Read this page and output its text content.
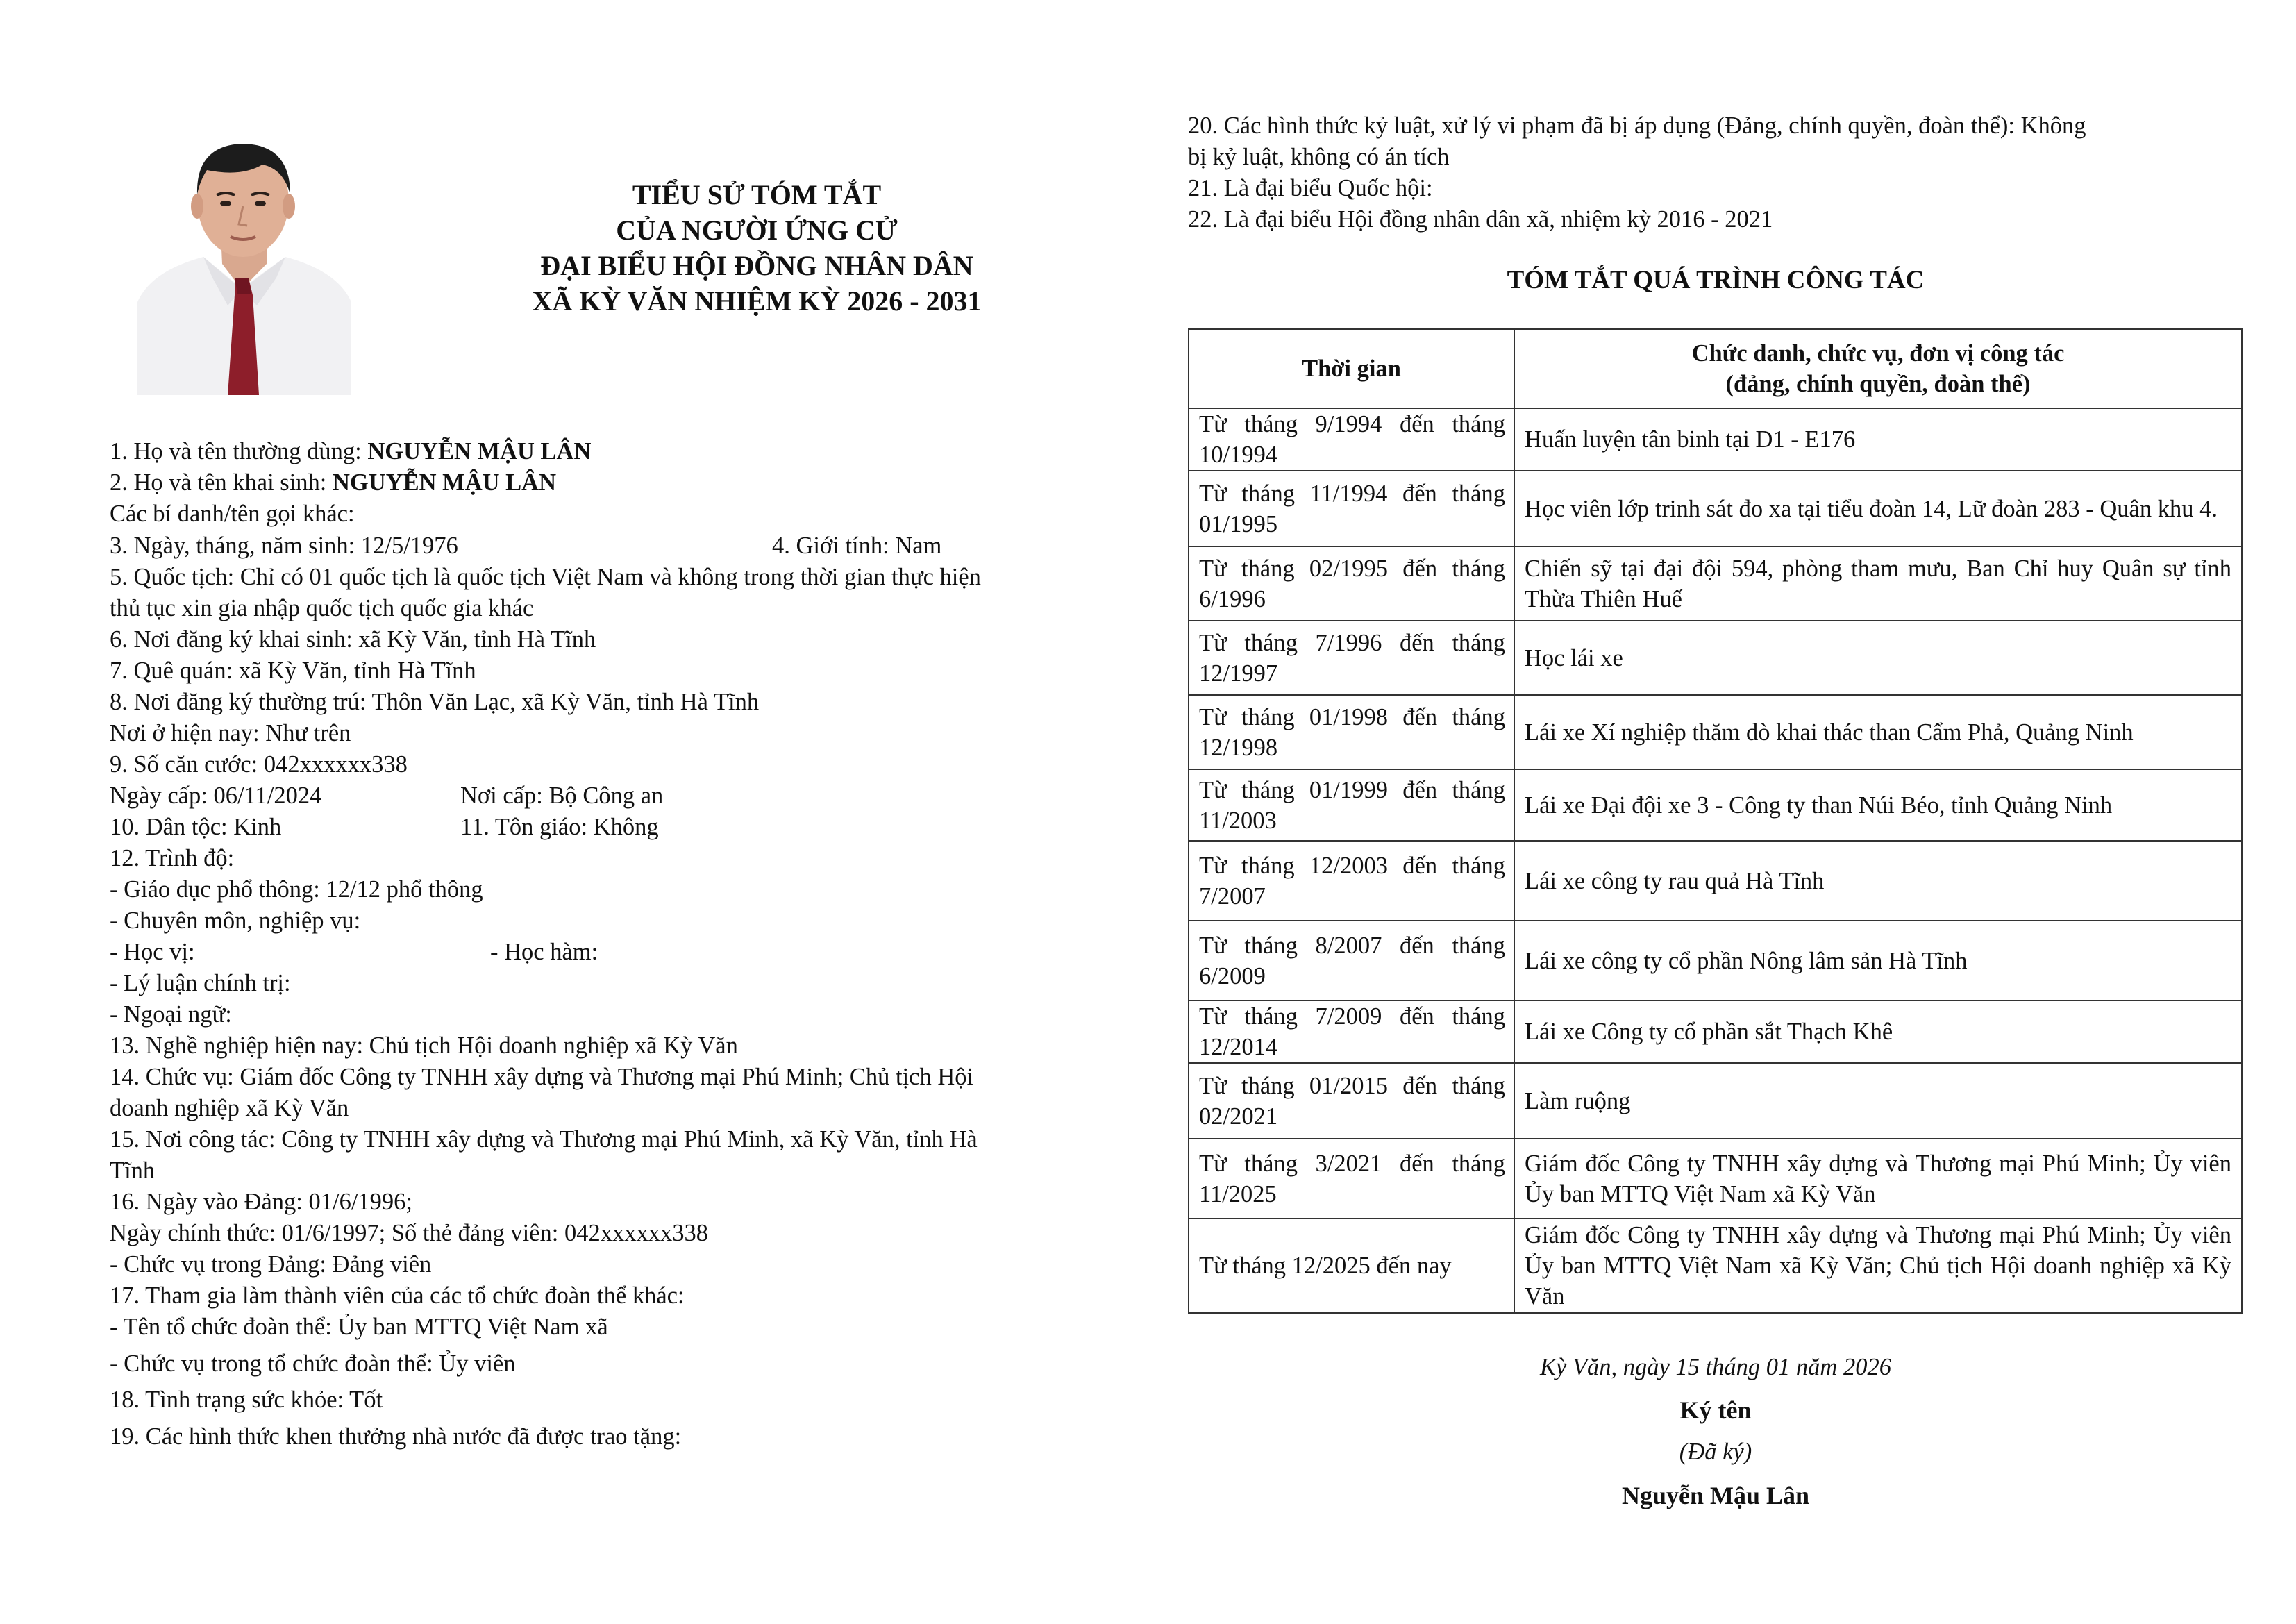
TIỂU SỬ TÓM TẮT
CỦA NGƯỜI ỨNG CỬ
ĐẠI BIỂU HỘI ĐỒNG NHÂN DÂN
XÃ KỲ VĂN NHIỆM KỲ 2026 - 2031
1. Họ và tên thường dùng: NGUYỄN MẬU LÂN
2. Họ và tên khai sinh: NGUYỄN MẬU LÂN
Các bí danh/tên gọi khác:
3. Ngày, tháng, năm sinh: 12/5/1976	4. Giới tính: Nam
5. Quốc tịch: Chỉ có 01 quốc tịch là quốc tịch Việt Nam và không trong thời gian thực hiện
thủ tục xin gia nhập quốc tịch quốc gia khác
6. Nơi đăng ký khai sinh: xã Kỳ Văn, tỉnh Hà Tĩnh
7. Quê quán: xã Kỳ Văn, tỉnh Hà Tĩnh
8. Nơi đăng ký thường trú: Thôn Văn Lạc, xã Kỳ Văn, tỉnh Hà Tĩnh
Nơi ở hiện nay: Như trên
9. Số căn cước: 042xxxxxx338
Ngày cấp: 06/11/2024	Nơi cấp: Bộ Công an
10. Dân tộc: Kinh	11. Tôn giáo: Không
12. Trình độ:
- Giáo dục phổ thông: 12/12 phổ thông
- Chuyên môn, nghiệp vụ:
- Học vị:	- Học hàm:
- Lý luận chính trị:
- Ngoại ngữ:
13. Nghề nghiệp hiện nay: Chủ tịch Hội doanh nghiệp xã Kỳ Văn
14. Chức vụ: Giám đốc Công ty TNHH xây dựng và Thương mại Phú Minh; Chủ tịch Hội
doanh nghiệp xã Kỳ Văn
15. Nơi công tác: Công ty TNHH xây dựng và Thương mại Phú Minh, xã Kỳ Văn, tỉnh Hà
Tĩnh
16. Ngày vào Đảng: 01/6/1996;
Ngày chính thức: 01/6/1997; Số thẻ đảng viên: 042xxxxxx338
- Chức vụ trong Đảng: Đảng viên
17. Tham gia làm thành viên của các tổ chức đoàn thể khác:
- Tên tổ chức đoàn thể: Ủy ban MTTQ Việt Nam xã
- Chức vụ trong tổ chức đoàn thể: Ủy viên
18. Tình trạng sức khỏe: Tốt
19. Các hình thức khen thưởng nhà nước đã được trao tặng:
20. Các hình thức kỷ luật, xử lý vi phạm đã bị áp dụng (Đảng, chính quyền, đoàn thể): Không
bị kỷ luật, không có án tích
21. Là đại biểu Quốc hội:
22. Là đại biểu Hội đồng nhân dân xã, nhiệm kỳ 2016 - 2021
TÓM TẮT QUÁ TRÌNH CÔNG TÁC
Thời gian	Chức danh, chức vụ, đơn vị công tác
(đảng, chính quyền, đoàn thể)

Từ tháng 9/1994 đến tháng 10/1994	Huấn luyện tân binh tại D1 - E176
Từ tháng 11/1994 đến tháng 01/1995	Học viên lớp trinh sát đo xa tại tiểu đoàn 14, Lữ đoàn 283 - Quân khu 4.
Từ tháng 02/1995 đến tháng 6/1996	Chiến sỹ tại đại đội 594, phòng tham mưu, Ban Chỉ huy Quân sự tỉnh Thừa Thiên Huế
Từ tháng 7/1996 đến tháng 12/1997	Học lái xe
Từ tháng 01/1998 đến tháng 12/1998	Lái xe Xí nghiệp thăm dò khai thác than Cẩm Phả, Quảng Ninh
Từ tháng 01/1999 đến tháng 11/2003	Lái xe Đại đội xe 3 - Công ty than Núi Béo, tỉnh Quảng Ninh
Từ tháng 12/2003 đến tháng 7/2007	Lái xe công ty rau quả Hà Tĩnh
Từ tháng 8/2007 đến tháng 6/2009	Lái xe công ty cổ phần Nông lâm sản Hà Tĩnh
Từ tháng 7/2009 đến tháng 12/2014	Lái xe Công ty cổ phần sắt Thạch Khê
Từ tháng 01/2015 đến tháng 02/2021	Làm ruộng
Từ tháng 3/2021 đến tháng 11/2025	Giám đốc Công ty TNHH xây dựng và Thương mại Phú Minh; Ủy viên Ủy ban MTTQ Việt Nam xã Kỳ Văn
Từ tháng 12/2025 đến nay	Giám đốc Công ty TNHH xây dựng và Thương mại Phú Minh; Ủy viên Ủy ban MTTQ Việt Nam xã Kỳ Văn; Chủ tịch Hội doanh nghiệp xã Kỳ Văn
Kỳ Văn, ngày 15 tháng 01 năm 2026
Ký tên
(Đã ký)
Nguyễn Mậu Lân
